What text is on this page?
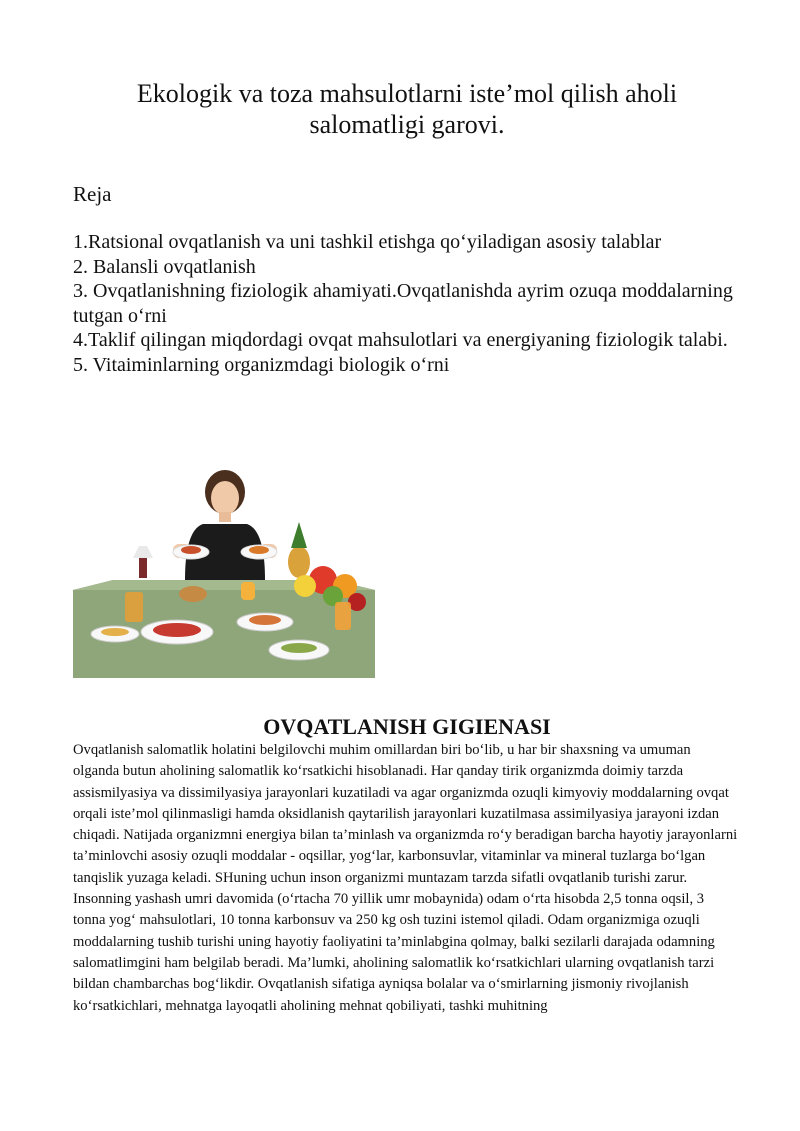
Ekologik va toza mahsulotlarni iste’mol qilish aholi salomatligi garovi.

Reja

1.Ratsional ovqatlanish va uni tashkil etishga qo‘yiladigan asosiy talablar
2. Balansli ovqatlanish
3. Ovqatlanishning fiziologik ahamiyati.Ovqatlanishda ayrim ozuqa moddalarning tutgan o‘rni
4.Taklif qilingan miqdordagi ovqat mahsulotlari va energiyaning fiziologik talabi.
5. Vitaiminlarning organizmdagi biologik o‘rni
OVQATLANISH GIGIENASI

Ovqatlanish salomatlik holatini belgilovchi muhim omillardan biri bo‘lib, u har bir shaxsning va umuman olganda butun aholining salomatlik ko‘rsatkichi hisoblanadi. Har qanday tirik organizmda doimiy tarzda assismilyasiya va dissimilyasiya jarayonlari kuzatiladi va agar organizmda ozuqli kimyoviy moddalarning ovqat orqali iste’mol qilinmasligi hamda oksidlanish qaytarilish jarayonlari kuzatilmasa assimilyasiya jarayoni izdan chiqadi. Natijada organizmni energiya bilan ta’minlash va organizmda ro‘y beradigan barcha hayotiy jarayonlarni ta’minlovchi asosiy ozuqli moddalar - oqsillar, yog‘lar, karbonsuvlar, vitaminlar va mineral tuzlarga bo‘lgan tanqislik yuzaga keladi. SHuning uchun inson organizmi muntazam tarzda sifatli ovqatlanib turishi zarur. Insonning yashash umri davomida (o‘rtacha 70 yillik umr mobaynida) odam o‘rta hisobda 2,5 tonna oqsil, 3 tonna yog‘ mahsulotlari, 10 tonna karbonsuv va 250 kg osh tuzini istemol qiladi. Odam organizmiga ozuqli moddalarning tushib turishi uning hayotiy faoliyatini ta’minlabgina qolmay, balki sezilarli darajada odamning salomatlimgini ham belgilab beradi. Ma’lumki, aholining salomatlik ko‘rsatkichlari ularning ovqatlanish tarzi bildan chambarchas bog‘likdir. Ovqatlanish sifatiga ayniqsa bolalar va o‘smirlarning jismoniy rivojlanish ko‘rsatkichlari, mehnatga layoqatli aholining mehnat qobiliyati, tashki muhitning
